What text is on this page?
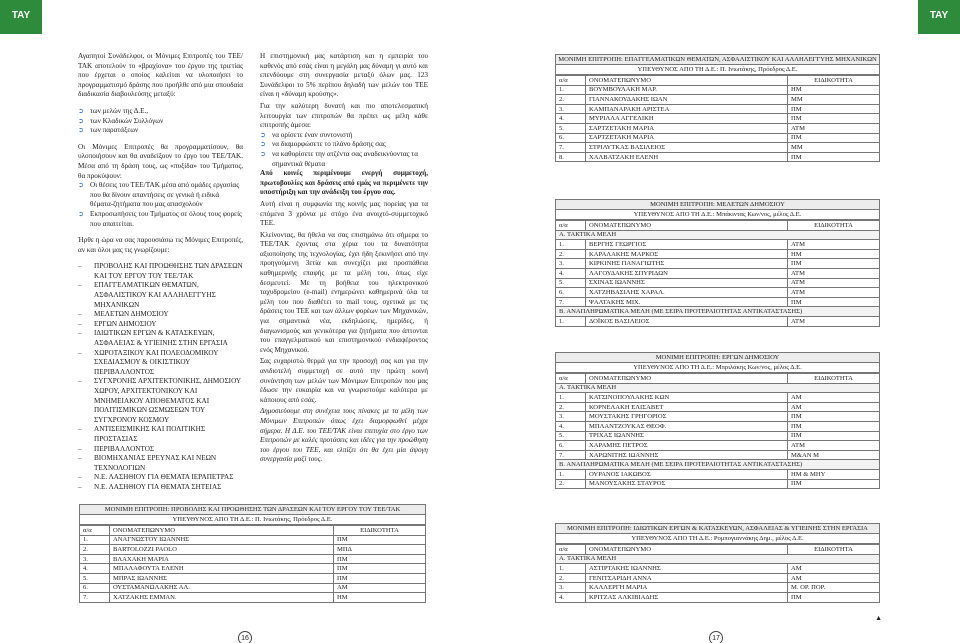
ΤΑΥ	ΤΑΥ

Αγαπητοί Συνάδελφοι, οι Μόνιμες Επιτροπές του ΤΕΕ/ΤΑΚ αποτελούν το «βραχίονα» του έργου της τριετίας που έρχεται ο οποίος καλείται να υλοποιήσει το προγραμματισμό δράσης που προήλθε από μια σπουδαία διαδικασία διαβουλεύσης μεταξύ:

➲ των μελών της Δ.Ε.,
➲ των Κλαδικών Συλλόγων
➲ των παρατάξεων

Οι Μόνιμες Επιτροπές θα προγραμματίσουν, θα υλοποιήσουν και θα αναδείξουν το έργο του ΤΕΕ/ΤΑΚ. Μέσα από τη δράση τους, ως «πυξίδα» του Τμήματος, θα προκύψουν:

➲ Οι θέσεις του ΤΕΕ/ΤΑΚ μέσα από ομάδες εργασίας που θα δίνουν απαντήσεις σε γενικά ή ειδικά θέματα-ζητήματα που μας απασχολούν
➲ Εκπροσωπήσεις του Τμήματος σε όλους τους φορείς που απαιτείται.

Ήρθε η ώρα να σας παρουσιάσω τις Μόνιμες Επιτροπές, αν και όλοι μας τις γνωρίζουμε:

–	ΠΡΟΒΟΛΗΣ ΚΑΙ ΠΡΟΩΘΗΣΗΣ ΤΩΝ ΔΡΑΣΕΩΝ ΚΑΙ ΤΟΥ ΕΡΓΟΥ ΤΟΥ ΤΕΕ/ΤΑΚ
–	ΕΠΑΓΓΕΛΜΑΤΙΚΩΝ ΘΕΜΑΤΩΝ, ΑΣΦΑΛΙΣΤΙΚΟΥ ΚΑΙ ΑΛΛΗΛΕΓΓΥΗΣ ΜΗΧΑΝΙΚΩΝ
–	ΜΕΛΕΤΩΝ ΔΗΜΟΣΙΟΥ
–	ΕΡΓΩΝ ΔΗΜΟΣΙΟΥ
–	ΙΔΙΩΤΙΚΩΝ ΕΡΓΩΝ & ΚΑΤΑΣΚΕΥΩΝ, ΑΣΦΑΛΕΙΑΣ & ΥΓΙΕΙΝΗΣ ΣΤΗΝ ΕΡΓΑΣΙΑ
–	ΧΩΡΟΤΑΞΙΚΟΥ ΚΑΙ ΠΟΛΕΟΔΟΜΙΚΟΥ ΣΧΕΔΙΑΣΜΟΥ & ΟΙΚΙΣΤΙΚΟΥ ΠΕΡΙΒΑΛΛΟΝΤΟΣ
–	ΣΥΓΧΡΟΝΗΣ ΑΡΧΙΤΕΚΤΟΝΙΚΗΣ, ΔΗΜΟΣΙΟΥ ΧΩΡΟΥ, ΑΡΧΙΤΕΚΤΟΝΙΚΟΥ ΚΑΙ ΜΝΗΜΕΙΑΚΟΥ ΑΠΟΘΕΜΑΤΟΣ ΚΑΙ ΠΟΛΙΤΙΣΜΙΚΩΝ ΩΣΜΩΣΕΩΝ ΤΟΥ ΣΥΓΧΡΟΝΟΥ ΚΟΣΜΟΥ
–	ΑΝΤΙΣΕΙΣΜΙΚΗΣ ΚΑΙ ΠΟΛΙΤΙΚΗΣ ΠΡΟΣΤΑΣΙΑΣ
–	ΠΕΡΙΒΑΛΛΟΝΤΟΣ
–	ΒΙΟΜΗΧΑΝΙΑΣ ΕΡΕΥΝΑΣ ΚΑΙ ΝΕΩΝ ΤΕΧΝΟΛΟΓΙΩΝ
–	Ν.Ε. ΛΑΣΗΘΙΟΥ ΓΙΑ ΘΕΜΑΤΑ ΙΕΡΑΠΕΤΡΑΣ
–	Ν.Ε. ΛΑΣΗΘΙΟΥ ΓΙΑ ΘΕΜΑΤΑ ΣΗΤΕΙΑΣ

Η επιστημονική μας κατάρτιση και η εμπειρία του καθενός από εσάς είναι η μεγάλη μας δύναμη γι αυτό και επενδύουμε στη συνεργασία μεταξύ όλων μας. 123 Συνάδελφοι το 5% περίπου δηλαδή των μελών του ΤΕΕ είναι η «δύναμη κρούσης».

Για την καλύτερη δυνατή και πιο αποτελεσματική λειτουργία των επιτροπών θα πρέπει ως μέλη κάθε επιτροπής άμεσα:

➲ να ορίσετε έναν συντονιστή
➲ να διαμορφώσετε το πλάνο δράσης σας
➲ να καθορίσετε την ατζέντα σας αναδεικνύοντας τα σημαντικά θέματα

Από κοινές περιμένουμε ενεργή συμμετοχή, πρωτοβουλίες και δράσεις από εμάς να περιμένετε την υποστήριξη και την ανάδειξη του έργου σας.

Αυτή είναι η συμφωνία της κοινής μας πορείας για τα επόμενα 3 χρόνια με στόχο ένα ανοιχτό-συμμετοχικό ΤΕΕ.

Κλείνοντας, θα ήθελα να σας επισημάνω ότι σήμερα το ΤΕΕ/ΤΑΚ έχοντας στα χέρια του τα δυνατότητα αξιοποίησης της τεχνολογίας, έχει ήδη ξεκινήσει από την προηγούμενη 3ετία και συνεχίζει μια προσπάθεια καθημερινής επαφής με τα μέλη του, όπως είχε δεσμευτεί. Με τη βοήθεια του ηλεκτρονικού ταχυδρομείου (e-mail) ενημερώνει καθημερινά όλα τα μέλη του που διαθέτει το mail τους, σχετικά με τις δράσεις του ΤΕΕ και των άλλων φορέων των Μηχανικών, για σημαντικά νέα, εκδηλώσεις, ημερίδες, ή διαγωνισμούς και γενικότερα για ζητήματα που άπτονται του επαγγελματικού και επιστημονικού ενδιαφέροντος ενός Μηχανικού.

Σας ευχαριστώ θερμά για την προσοχή σας και για την ανιδιοτελή συμμετοχή σε αυτό την πρώτη κοινή συνάντηση των μελών των Μόνιμων Επιτροπών που μας έδωσε την ευκαιρία και να γνωριστούμε καλύτερα με κάποιους από εσάς.

Δημοσιεύουμε στη συνέχεια τους πίνακες με τα μέλη των Μόνιμων Επιτροπών όπως έχει διαμορφωθεί μέχρι σήμερα. Η Δ.Ε. του ΤΕΕ/ΤΑΚ είναι επιτυχία στο έργο των Επιτροπών με καλές προτάσεις και ιδέες για την προώθηση του έργου του ΤΕΕ, και ελπίζει ότι θα έχει μία άψογη συνεργασία μαζί τους.

ΜΟΝΙΜΗ ΕΠΙΤΡΟΠΗ: ΠΡΟΒΟΛΗΣ ΚΑΙ ΠΡΟΩΘΗΣΗΣ ΤΩΝ ΔΡΑΣΕΩΝ ΚΑΙ ΤΟΥ ΕΡΓΟΥ ΤΟΥ ΤΕΕ/ΤΑΚ
ΥΠΕΥΘΥΝΟΣ ΑΠΟ ΤΗ Δ.Ε.: Π. Ινιωτάκης, Πρόεδρος Δ.Ε.
α/α	ΟΝΟΜΑΤΕΠΩΝΥΜΟ	ΕΙΔΙΚΟΤΗΤΑ
1.	ΑΝΑΓΝΩΣΤΟΥ ΙΩΑΝΝΗΣ	ΠΜ
2.	BARTOLOZZI PAOLO	ΜΠΔ
3.	ΒΛΑΧΑΚΗ ΜΑΡΙΑ	ΠΜ
4.	ΜΠΑΛΑΦΟΥΤΑ ΕΛΕΝΗ	ΠΜ
5.	ΜΠΡΑΣ ΙΩΑΝΝΗΣ	ΠΜ
6.	ΟΥΣΤΑΜΑΝΩΛΑΚΗΣ ΑΛ.	ΑΜ
7.	ΧΑΤΖΑΚΗΣ ΕΜΜΑΝ.	ΗΜ
ΜΟΝΙΜΗ ΕΠΙΤΡΟΠΗ: ΕΠΑΓΓΕΛΜΑΤΙΚΩΝ ΘΕΜΑΤΩΝ, ΑΣΦΑΛΙΣΤΙΚΟΥ ΚΑΙ ΑΛΛΗΛΕΓΓΥΗΣ ΜΗΧΑΝΙΚΩΝ
ΥΠΕΥΘΥΝΟΣ ΑΠΟ ΤΗ Δ.Ε.: Π. Ινιωτάκης, Πρόεδρος Δ.Ε.
α/α	ΟΝΟΜΑΤΕΠΩΝΥΜΟ	ΕΙΔΙΚΟΤΗΤΑ
1.	ΒΟΥΜΒΟΥΛΑΚΗ ΜΑΡ.	ΗΜ
2.	ΓΙΑΝΝΑΚΟΥΔΑΚΗΣ ΙΩΑΝ	ΜΜ
3.	ΚΑΜΠΑΝΑΡΑΚΗ ΑΡΙΣΤΕΑ	ΠΜ
4.	ΜΥΡΙΛΛΑ ΑΓΓΕΛΙΚΗ	ΠΜ
5.	ΣΑΡΤΖΕΤΑΚΗ ΜΑΡΙΑ	ΑΤΜ
6.	ΣΑΡΤΖΕΤΑΚΗ ΜΑΡΙΑ	ΠΜ
7.	ΣΤΡΙΛΥΤΚΑΣ ΒΑΣΙΛΕΙΟΣ	ΜΜ
8.	ΧΑΛΒΑΤΖΑΚΗ ΕΛΕΝΗ	ΠΜ
ΜΟΝΙΜΗ ΕΠΙΤΡΟΠΗ: ΜΕΛΕΤΩΝ ΔΗΜΟΣΙΟΥ
ΥΠΕΥΘΥΝΟΣ ΑΠΟ ΤΗ Δ.Ε.: Μπάκιντας Κων/νος, μέλος Δ.Ε.
α/α	ΟΝΟΜΑΤΕΠΩΝΥΜΟ	ΕΙΔΙΚΟΤΗΤΑ
Α. ΤΑΚΤΙΚΑ ΜΕΛΗ		
1.	ΒΕΡΓΗΣ ΓΕΩΡΓΙΟΣ	ΑΤΜ
2.	ΚΑΡΑΛΑΚΗΣ ΜΑΡΚΟΣ	ΗΜ
3.	ΚΙΡΚΙΝΗΣ ΠΑΝΑΓΙΩΤΗΣ	ΠΜ
4.	ΛΑΓΟΥΔΑΚΗΣ ΣΠΥΡΙΔΩΝ	ΑΤΜ
5.	ΣΧΙΝΑΣ ΙΩΑΝΝΗΣ	ΑΤΜ
6.	ΧΑΤΖΗΒΑΣΙΛΗΣ ΧΑΡΑΛ.	ΑΤΜ
7.	ΨΑΛΤΑΚΗΣ ΜΙΧ.	ΠΜ
Β. ΑΝΑΠΛΗΡΩΜΑΤΙΚΑ ΜΕΛΗ (ΜΕ ΣΕΙΡΑ ΠΡΟΤΕΡΑΙΟΤΗΤΑΣ ΑΝΤΙΚΑΤΑΣΤΑΣΗΣ)		
1.	ΔΟΪΚΟΣ ΒΑΣΙΛΕΙΟΣ	ΑΤΜ
ΜΟΝΙΜΗ ΕΠΙΤΡΟΠΗ: ΕΡΓΩΝ ΔΗΜΟΣΙΟΥ
ΥΠΕΥΘΥΝΟΣ ΑΠΟ ΤΗ Δ.Ε.: Μπριλάκης Κων/νος, μέλος Δ.Ε.
α/α	ΟΝΟΜΑΤΕΠΩΝΥΜΟ	ΕΙΔΙΚΟΤΗΤΑ
Α. ΤΑΚΤΙΚΑ ΜΕΛΗ		
1.	ΚΑΤΣΙΝΟΠΟΥΛΑΚΗΣ ΚΩΝ	ΑΜ
2.	ΚΟΡΝΕΛΑΚΗ ΕΛΙΣΑΒΕΤ	ΑΜ
3.	ΜΟΥΣΤΑΚΗΣ ΓΡΗΓΟΡΙΟΣ	ΠΜ
4.	ΜΠΛΑΝΤΖΟΥΚΑΣ ΘΕΟΦ.	ΠΜ
5.	ΤΡΙΧΑΣ ΙΩΑΝΝΗΣ	ΠΜ
6.	ΧΑΡΑΜΗΣ ΠΕΤΡΟΣ	ΑΤΜ
7.	ΧΑΡΩΝΙΤΗΣ ΙΩΑΝΝΗΣ	Μ&ΑΝ Μ
Β. ΑΝΑΠΛΗΡΩΜΑΤΙΚΑ ΜΕΛΗ (ΜΕ ΣΕΙΡΑ ΠΡΟΤΕΡΑΙΟΤΗΤΑΣ ΑΝΤΙΚΑΤΑΣΤΑΣΗΣ)		
1.	ΟΥΡΑΝΟΣ ΙΑΚΩΒΟΣ	ΗΜ & ΜΗΥ
2.	ΜΑΝΟΥΣΑΚΗΣ ΣΤΑΥΡΟΣ	ΠΜ
ΜΟΝΙΜΗ ΕΠΙΤΡΟΠΗ: ΙΔΙΩΤΙΚΩΝ ΕΡΓΩΝ & ΚΑΤΑΣΚΕΥΩΝ, ΑΣΦΑΛΕΙΑΣ & ΥΓΙΕΙΝΗΣ ΣΤΗΝ ΕΡΓΑΣΙΑ
ΥΠΕΥΘΥΝΟΣ ΑΠΟ ΤΗ Δ.Ε.: Ρομπογιαννάκης Δημ., μέλος Δ.Ε.
α/α	ΟΝΟΜΑΤΕΠΩΝΥΜΟ	ΕΙΔΙΚΟΤΗΤΑ
Α. ΤΑΚΤΙΚΑ ΜΕΛΗ		
1.	ΑΣΤΙΡΤΑΚΗΣ ΙΩΑΝΝΗΣ	ΑΜ
2.	ΓΕΝΙΤΣΑΡΙΔΗ ΑΝΝΑ	ΑΜ
3.	ΚΑΛΛΕΡΓΗ ΜΑΡΙΑ	Μ. ΟΡ. ΠΟΡ.
4.	ΚΡΙΤΖΑΣ ΑΛΚΙΒΙΑΔΗΣ	ΠΜ
16	17
▲
